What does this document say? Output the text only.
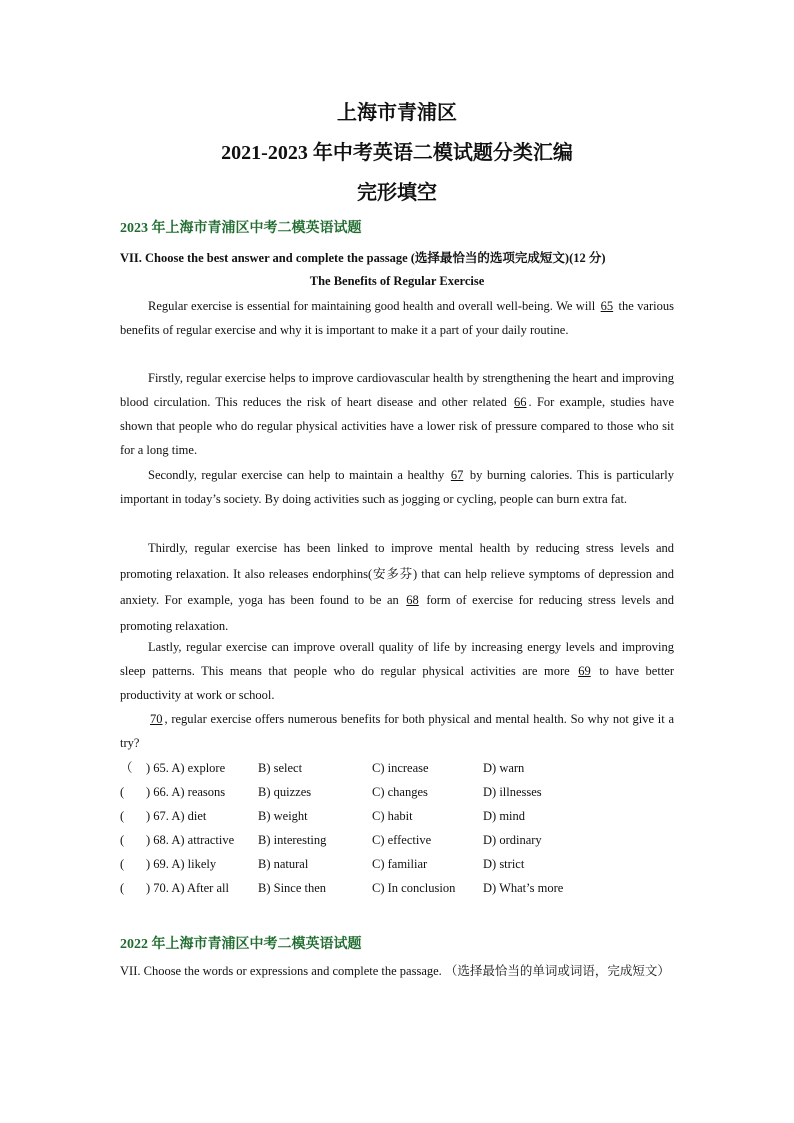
上海市青浦区
2021-2023 年中考英语二模试题分类汇编
完形填空
2023 年上海市青浦区中考二模英语试题
VII. Choose the best answer and complete the passage (选择最恰当的选项完成短文)(12 分)
The Benefits of Regular Exercise

Regular exercise is essential for maintaining good health and overall well-being. We will 65 the various benefits of regular exercise and why it is important to make it a part of your daily routine.

Firstly, regular exercise helps to improve cardiovascular health by strengthening the heart and improving blood circulation. This reduces the risk of heart disease and other related 66 . For example, studies have shown that people who do regular physical activities have a lower risk of pressure compared to those who sit for a long time.

Secondly, regular exercise can help to maintain a healthy 67 by burning calories. This is particularly important in today’s society. By doing activities such as jogging or cycling, people can burn extra fat.

Thirdly, regular exercise has been linked to improve mental health by reducing stress levels and promoting relaxation. It also releases endorphins(安多芬) that can help relieve symptoms of depression and anxiety. For example, yoga has been found to be an 68 form of exercise for reducing stress levels and promoting relaxation.

Lastly, regular exercise can improve overall quality of life by increasing energy levels and improving sleep patterns. This means that people who do regular physical activities are more 69 to have better productivity at work or school.

70 , regular exercise offers numerous benefits for both physical and mental health. So why not give it a try?

（ ) 65. A) explore	B) select	C) increase	D) warn
( ) 66. A) reasons	B) quizzes	C) changes	D) illnesses
( ) 67. A) diet	B) weight	C) habit	D) mind
( ) 68. A) attractive B) interesting	C) effective	D) ordinary
( ) 69. A) likely	B) natural	C) familiar	D) strict
( ) 70. A) After all B) Since then	C) In conclusion D) What’s more
2022 年上海市青浦区中考二模英语试题
VII. Choose the words or expressions and complete the passage. （选择最恰当的单词或词语，完成短文）
